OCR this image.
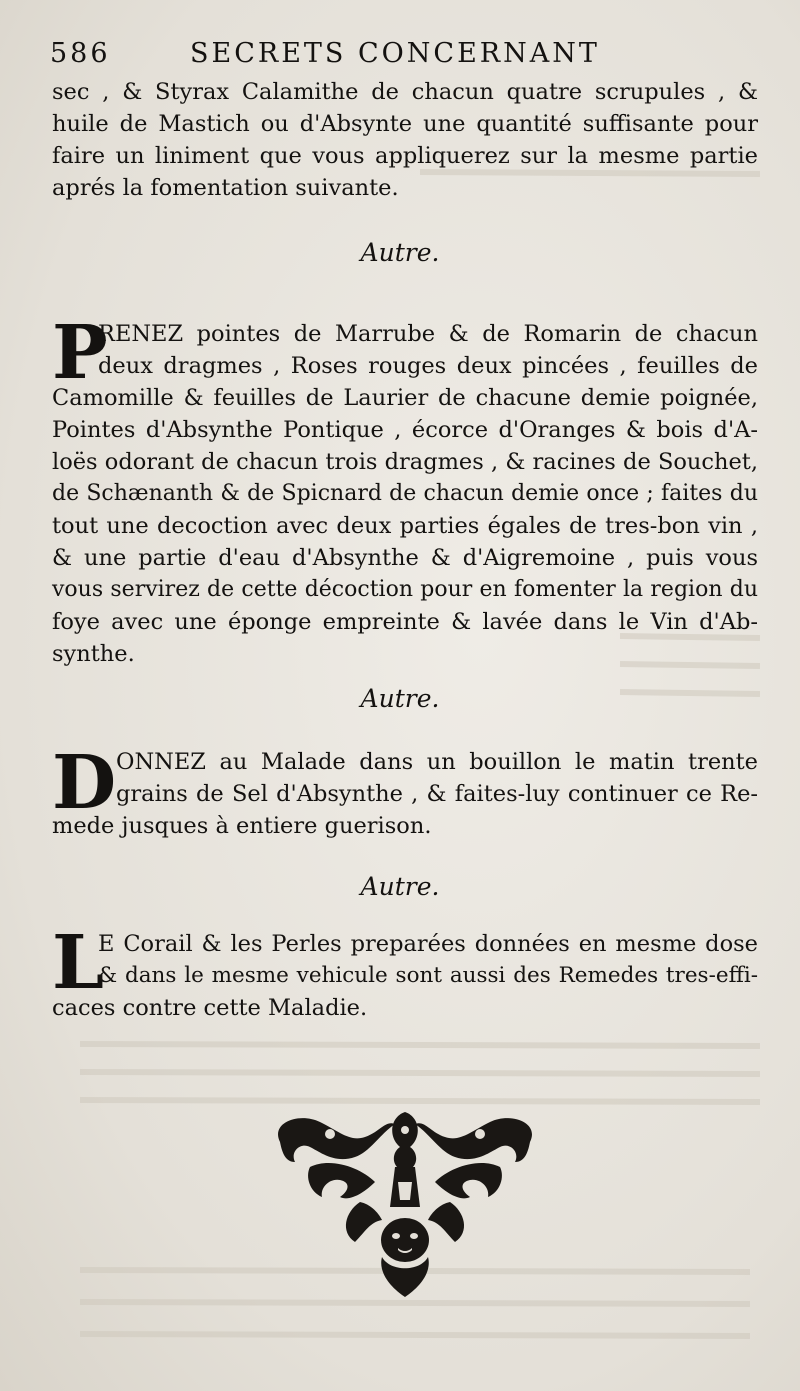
586	SECRETS CONCERNANT
sec , & Styrax Calamithe de chacun quatre scrupules , &
huile de Mastich ou d'Absynte une quantité suffisante pour
faire un liniment que vous appliquerez sur la mesme partie
aprés la fomentation suivante.
Autre.
P
RENEZ pointes de Marrube & de Romarin de chacun
deux dragmes , Roses rouges deux pincées , feuilles de
Camomille & feuilles de Laurier de chacune demie poignée,
Pointes d'Absynthe Pontique , écorce d'Oranges & bois d'A-
loës odorant de chacun trois dragmes , & racines de Souchet,
de Schænanth & de Spicnard de chacun demie once ; faites du
tout une decoction avec deux parties égales de tres-bon vin ,
& une partie d'eau d'Absynthe & d'Aigremoine , puis vous
vous servirez de cette décoction pour en fomenter la region du
foye avec une éponge empreinte & lavée dans le Vin d'Ab-
synthe.
Autre.
D ONNEZ au Malade dans un bouillon le matin trente
grains de Sel d'Absynthe , & faites-luy continuer ce Re-
mede jusques à entiere guerison.
Autre.
L
E Corail & les Perles preparées données en mesme dose
& dans le mesme vehicule sont aussi des Remedes tres-effi-
caces contre cette Maladie.
